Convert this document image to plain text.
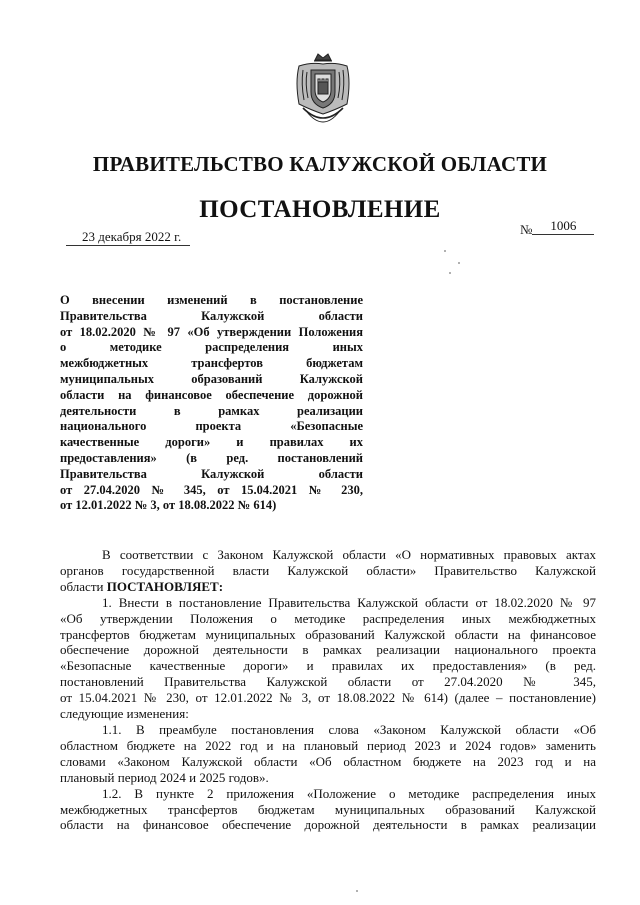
ПРАВИТЕЛЬСТВО КАЛУЖСКОЙ ОБЛАСТИ
ПОСТАНОВЛЕНИЕ
23 декабря 2022 г.	№ 1006
О внесении изменений в постановление
Правительства Калужской области
от 18.02.2020 № 97 «Об утверждении Положения
о методике распределения иных
межбюджетных трансфертов бюджетам
муниципальных образований Калужской
области на финансовое обеспечение дорожной
деятельности в рамках реализации
национального проекта «Безопасные
качественные дороги» и правилах их
предоставления» (в ред. постановлений
Правительства Калужской области
от 27.04.2020 № 345, от 15.04.2021 № 230,
от 12.01.2022 № 3, от 18.08.2022 № 614)
В соответствии с Законом Калужской области «О нормативных правовых актах
органов государственной власти Калужской области» Правительство Калужской
области ПОСТАНОВЛЯЕТ:
1. Внести в постановление Правительства Калужской области от 18.02.2020 № 97
«Об утверждении Положения о методике распределения иных межбюджетных
трансфертов бюджетам муниципальных образований Калужской области на финансовое
обеспечение дорожной деятельности в рамках реализации национального проекта
«Безопасные качественные дороги» и правилах их предоставления» (в ред.
постановлений Правительства Калужской области от 27.04.2020 № 345,
от 15.04.2021 № 230, от 12.01.2022 № 3, от 18.08.2022 № 614) (далее – постановление)
следующие изменения:
1.1. В преамбуле постановления слова «Законом Калужской области «Об
областном бюджете на 2022 год и на плановый период 2023 и 2024 годов» заменить
словами «Законом Калужской области «Об областном бюджете на 2023 год и на
плановый период 2024 и 2025 годов».
1.2. В пункте 2 приложения «Положение о методике распределения иных
межбюджетных трансфертов бюджетам муниципальных образований Калужской
области на финансовое обеспечение дорожной деятельности в рамках реализации
